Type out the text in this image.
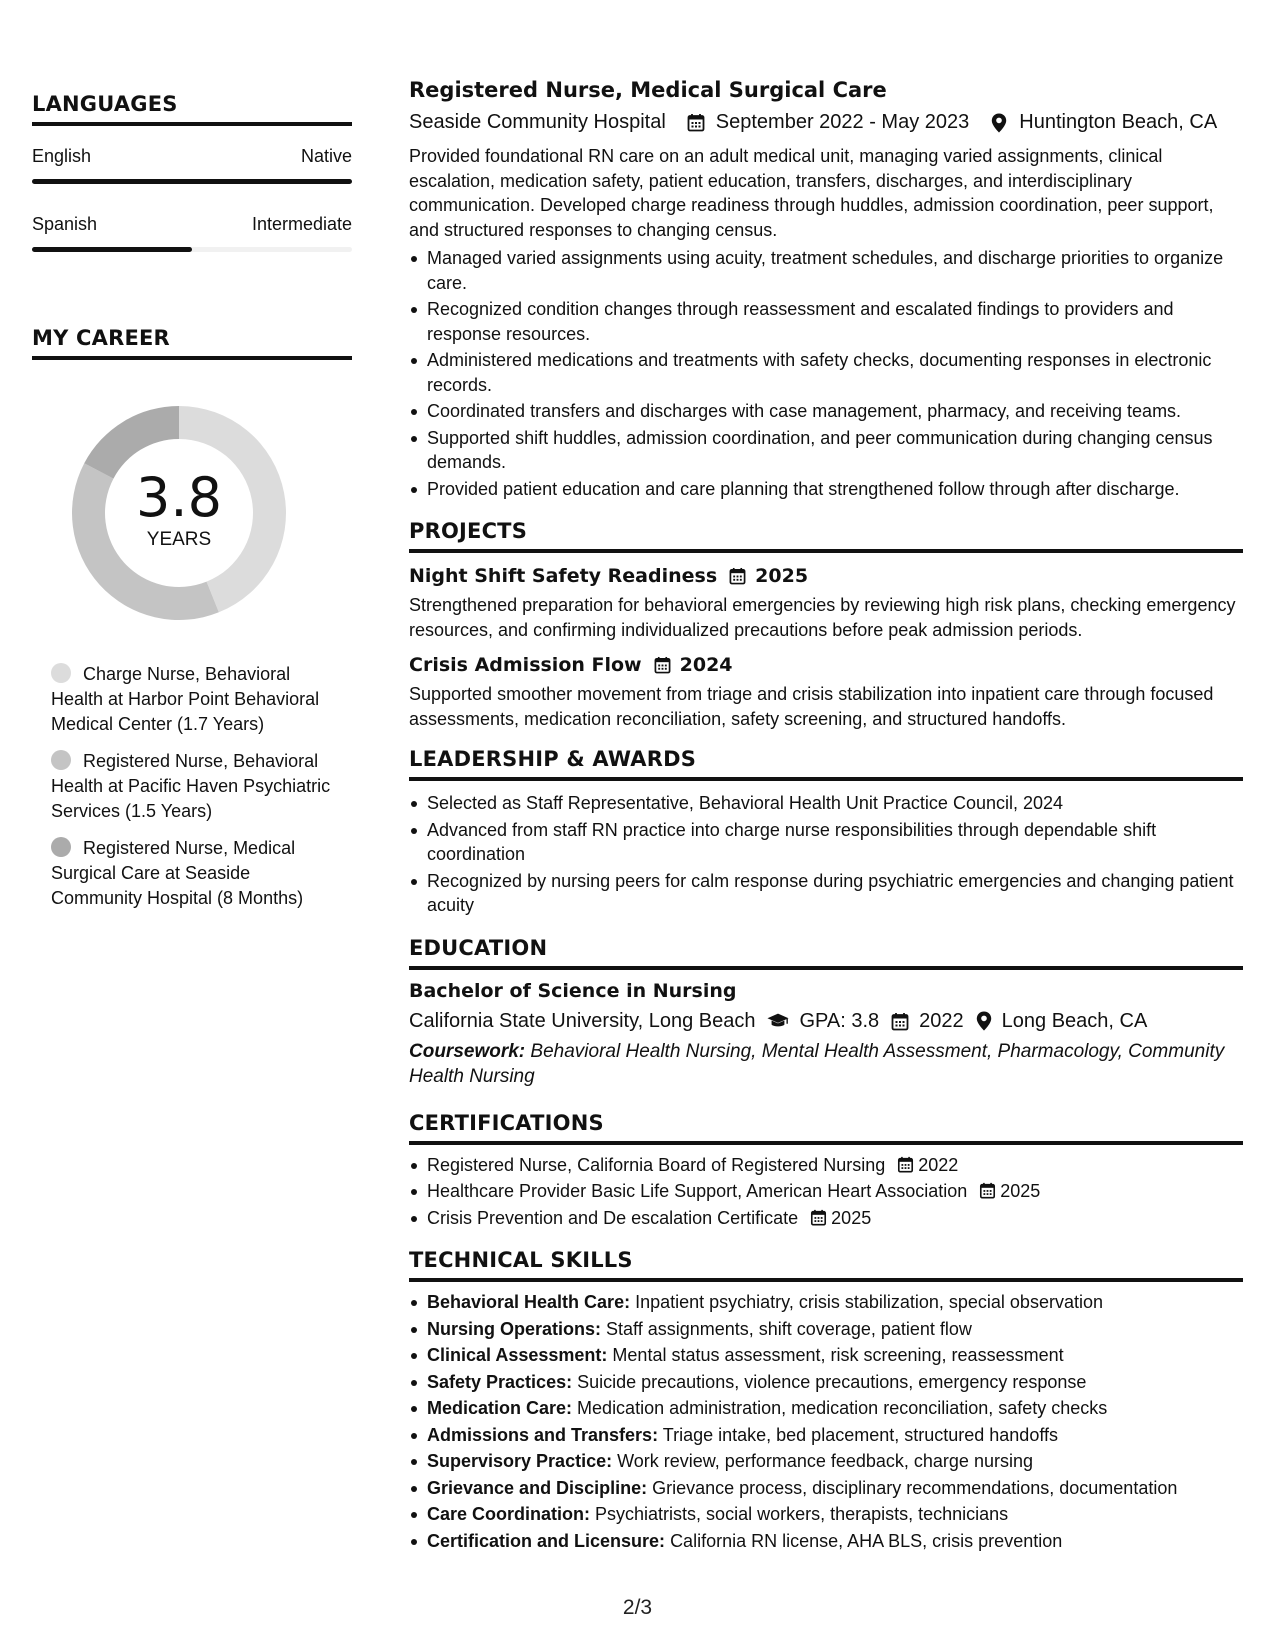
LANGUAGES
English	Native
Spanish	Intermediate
MY CAREER
3.8
YEARS
Charge Nurse, Behavioral Health at Harbor Point Behavioral Medical Center (1.7 Years)
Registered Nurse, Behavioral Health at Pacific Haven Psychiatric Services (1.5 Years)
Registered Nurse, Medical Surgical Care at Seaside Community Hospital (8 Months)
Registered Nurse, Medical Surgical Care
Seaside Community Hospital	September 2022 - May 2023	Huntington Beach, CA
Provided foundational RN care on an adult medical unit, managing varied assignments, clinical escalation, medication safety, patient education, transfers, discharges, and interdisciplinary communication. Developed charge readiness through huddles, admission coordination, peer support, and structured responses to changing census.
Managed varied assignments using acuity, treatment schedules, and discharge priorities to organize care.
Recognized condition changes through reassessment and escalated findings to providers and response resources.
Administered medications and treatments with safety checks, documenting responses in electronic records.
Coordinated transfers and discharges with case management, pharmacy, and receiving teams.
Supported shift huddles, admission coordination, and peer communication during changing census demands.
Provided patient education and care planning that strengthened follow through after discharge.
PROJECTS
Night Shift Safety Readiness 2025
Strengthened preparation for behavioral emergencies by reviewing high risk plans, checking emergency resources, and confirming individualized precautions before peak admission periods.
Crisis Admission Flow 2024
Supported smoother movement from triage and crisis stabilization into inpatient care through focused assessments, medication reconciliation, safety screening, and structured handoffs.
LEADERSHIP & AWARDS
Selected as Staff Representative, Behavioral Health Unit Practice Council, 2024
Advanced from staff RN practice into charge nurse responsibilities through dependable shift coordination
Recognized by nursing peers for calm response during psychiatric emergencies and changing patient acuity
EDUCATION
Bachelor of Science in Nursing
California State University, Long Beach GPA: 3.8 2022 Long Beach, CA
Coursework: Behavioral Health Nursing, Mental Health Assessment, Pharmacology, Community Health Nursing
CERTIFICATIONS
Registered Nurse, California Board of Registered Nursing 2022
Healthcare Provider Basic Life Support, American Heart Association 2025
Crisis Prevention and De escalation Certificate 2025
TECHNICAL SKILLS
Behavioral Health Care: Inpatient psychiatry, crisis stabilization, special observation
Nursing Operations: Staff assignments, shift coverage, patient flow
Clinical Assessment: Mental status assessment, risk screening, reassessment
Safety Practices: Suicide precautions, violence precautions, emergency response
Medication Care: Medication administration, medication reconciliation, safety checks
Admissions and Transfers: Triage intake, bed placement, structured handoffs
Supervisory Practice: Work review, performance feedback, charge nursing
Grievance and Discipline: Grievance process, disciplinary recommendations, documentation
Care Coordination: Psychiatrists, social workers, therapists, technicians
Certification and Licensure: California RN license, AHA BLS, crisis prevention
2/3
